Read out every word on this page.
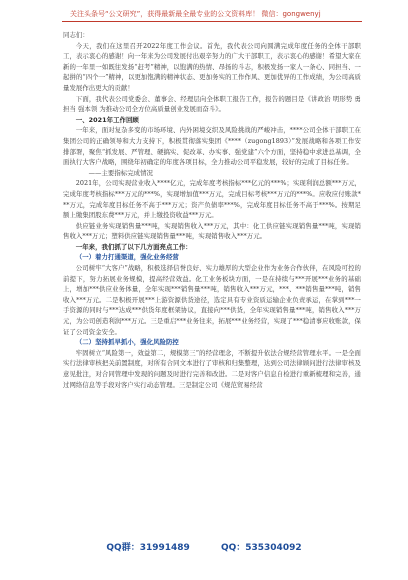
关注头条号“公文研究”，获得最新最全最专业的公文资料库！ 微信：gongwenyj

同志们：

今天，我们在这里召开2022年度工作会议。首先，我代表公司向圆满完成年度任务的全体干部职工，表示衷心的感谢！向一年来为公司发展付出艰辛努力的广大干部职工，表示衷心的感谢！希望大家在新的一年里一如既往发扬“赶考”精神，以饱满的热情、昂扬的斗志，积极发扬一家人一条心、同担当、一起拼的“四个一”精神，以更加饱满的精神状态、更加务实的工作作风、更加优异的工作成绩，为公司高质量发展作出更大的贡献！

下面，我代表公司党委会、董事会、经理层向全体职工报告工作，报告的题目是《讲政治 明形势 勇担当 强本领 为推动公司全方位高质量创业发展而奋斗》。

一、2021年工作回顾

一年来，面对复杂多变的市场环境、内外困境交织及风险挑战的严峻冲击，****公司全体干部职工在集团公司的正确领导和大力支持下，积极贯彻落实集团《****（zugong1893）”发展战略和各项工作安排部署，聚焦“抓发展、严管理、硬搞实、促改革、办实事、强党建”六个方面，坚持稳中求进总基调，全面执行大客户战略，围绕年初确定的年度各项目标，全力推动公司平稳发展，较好的完成了目标任务。

——主要指标完成情况

2021年，公司实现营业收入****亿元，完成年度考核指标***亿元的***%；实现利润总额***万元，完成年度考核指标***万元的***%，实现增加值***万元，完成目标考核***万元的***%。应收应付账款***万元，完成年度目标任务不高于***万元；资产负债率***%，完成年度目标任务不高于***%。按期足额上缴集团股东费***万元，并上缴投资收益***万元。

供应链业务实现销售量***吨，实现销售收入***万元，其中：化工供应链实现销售量***吨，实现销售收入***万元；塑料供应链实现销售量***吨，实现销售收入***万元。

一年来，我们抓了以下几方面亮点工作：

（一）着力打通渠道，强化业务经营

公司树牢“大客户”战略，积极选择信誉良好、实力雄厚的大型企业作为业务合作伙伴，在风险可控的前提下，努力拓展业务规模，提高经营效益。化工业务板块方面，一是在持续与***开展***业务的基础上，增加***供应业务体量，全年实现***销售量***吨，销售收入***万元，***、***销售量***吨，销售收入***万元。二是积极开展***上游资源供货途径，选定具有专业资质运输企业负责承运，在掌到***一手资源的同时与***达成***供货年度框架协议，直接向***供货，全年实现销售量***吨，销售收入***万元，为公司创造利润***万元。三是重启***业务往来，拓展***业务经营，实现了***稳清事应收账款，保证了公司资金安全。

（二）坚持抓早抓小，强化风险防控

牢固树立“风险第一，效益第二，规模第三”的经营理念，不断提升依法合规经营管理水平。一是全面实行法律审核把关前置制度，对所有合同文本进行了审核和归集整理，达到公司法律顾问进行法律审核及意见批注，对合同管理中发现的问题及时进行完善和改进。二是对客户信息自检进行重新梳理和完善，通过网络信息等手段对客户实行动态管理。三是制定公司《规范贸易经营

QQ群：31991489	QQ：535304092
